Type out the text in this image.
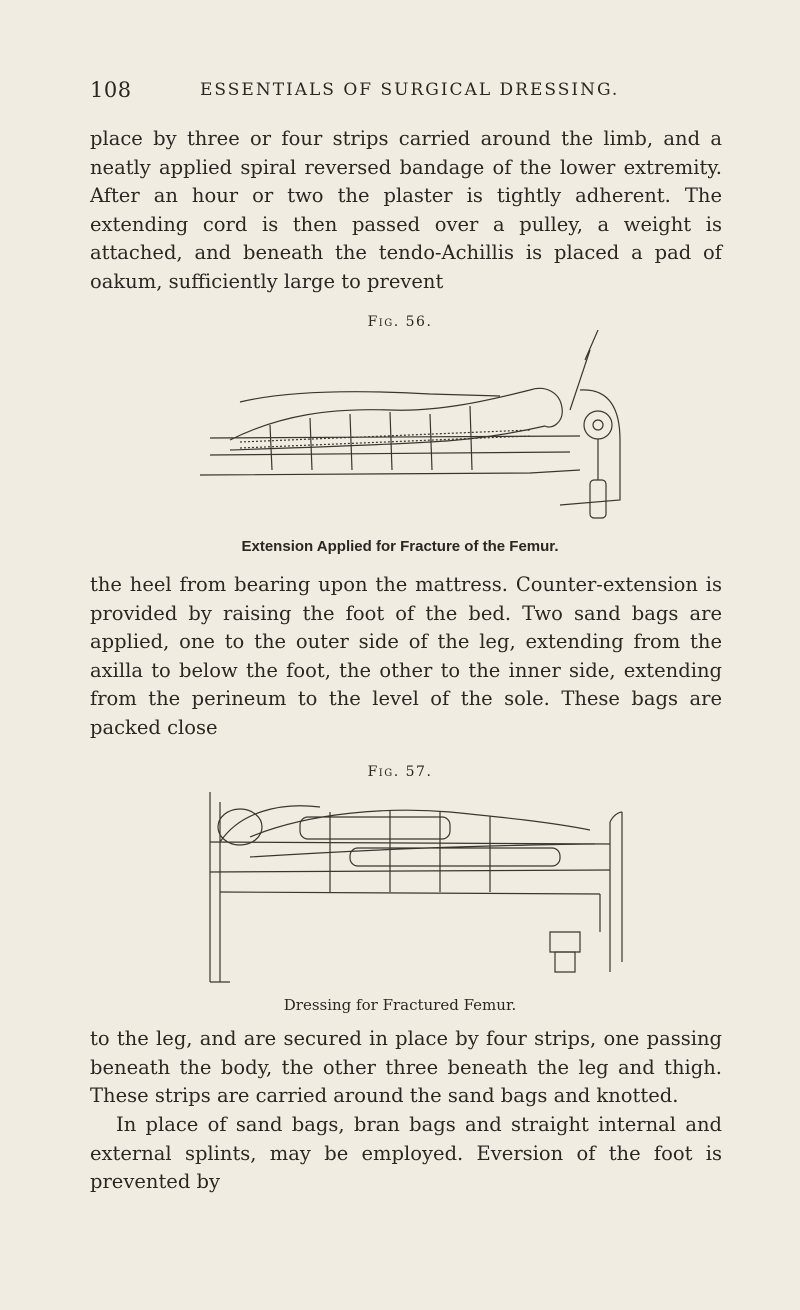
108	ESSENTIALS OF SURGICAL DRESSING.

place by three or four strips carried around the limb, and a neatly applied spiral reversed bandage of the lower extremity. After an hour or two the plaster is tightly adherent. The extending cord is then passed over a pulley, a weight is attached, and beneath the tendo-Achillis is placed a pad of oakum, sufficiently large to prevent

Fig. 56.
Extension Applied for Fracture of the Femur.

the heel from bearing upon the mattress. Counter-extension is provided by raising the foot of the bed. Two sand bags are applied, one to the outer side of the leg, extending from the axilla to below the foot, the other to the inner side, extending from the perineum to the level of the sole. These bags are packed close

Fig. 57.
Dressing for Fractured Femur.

to the leg, and are secured in place by four strips, one passing beneath the body, the other three beneath the leg and thigh. These strips are carried around the sand bags and knotted.

In place of sand bags, bran bags and straight internal and external splints, may be employed. Eversion of the foot is prevented by
